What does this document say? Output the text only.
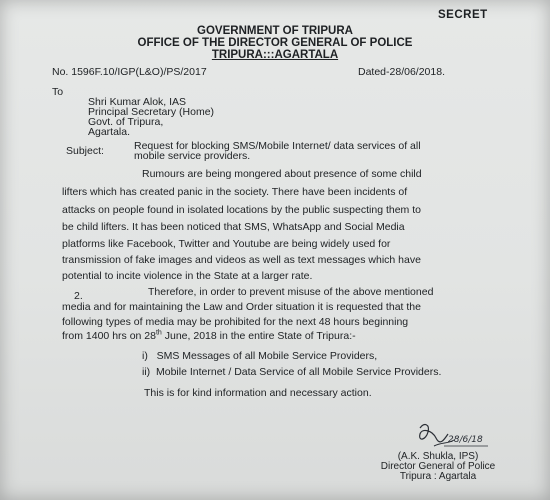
SECRET
GOVERNMENT OF TRIPURA
OFFICE OF THE DIRECTOR GENERAL OF POLICE
TRIPURA:::AGARTALA
No. 1596F.10/IGP(L&O)/PS/2017	Dated-28/06/2018.
To
Shri Kumar Alok, IAS
Principal Secretary (Home)
Govt. of Tripura,
Agartala.
Subject:	Request for blocking SMS/Mobile Internet/ data services of all
mobile service providers.
Rumours are being mongered about presence of some child
lifters which has created panic in the society. There have been incidents of
attacks on people found in isolated locations by the public suspecting them to
be child lifters. It has been noticed that SMS, WhatsApp and Social Media
platforms like Facebook, Twitter and Youtube are being widely used for
transmission of fake images and videos as well as text messages which have
potential to incite violence in the State at a larger rate.
2.	Therefore, in order to prevent misuse of the above mentioned
media and for maintaining the Law and Order situation it is requested that the
following types of media may be prohibited for the next 48 hours beginning
from 1400 hrs on 28th June, 2018 in the entire State of Tripura:-
i)   SMS Messages of all Mobile Service Providers,
ii)  Mobile Internet / Data Service of all Mobile Service Providers.
This is for kind information and necessary action.
28/6/18
(A.K. Shukla, IPS)
Director General of Police
Tripura : Agartala
